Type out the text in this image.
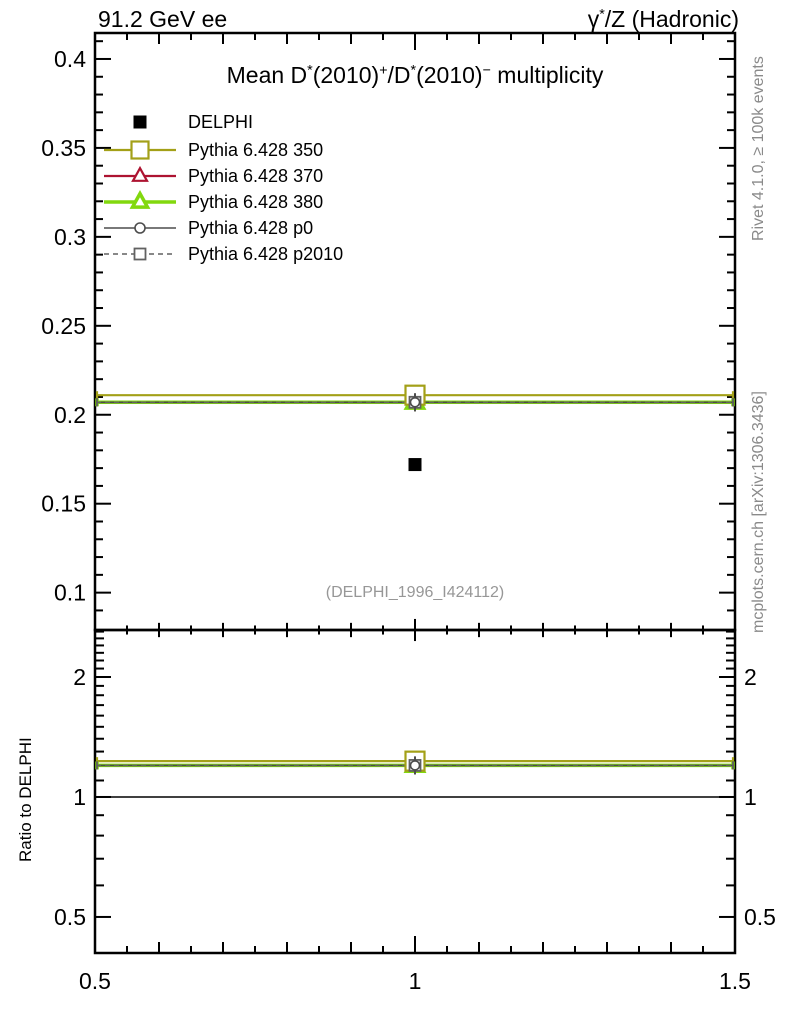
0.5	1	1.5
0.1
0.15
0.2
0.25
0.3
0.35
0.4
0.5	0.5
1	1
2	2
91.2 GeV ee	γ*/Z (Hadronic)
Mean D*(2010)+/D*(2010)− multiplicity
DELPHI
Pythia 6.428 350
Pythia 6.428 370
Pythia 6.428 380
Pythia 6.428 p0
Pythia 6.428 p2010
(DELPHI_1996_I424112)
Rivet 4.1.0, ≥ 100k events
mcplots.cern.ch [arXiv:1306.3436]
Ratio to DELPHI
